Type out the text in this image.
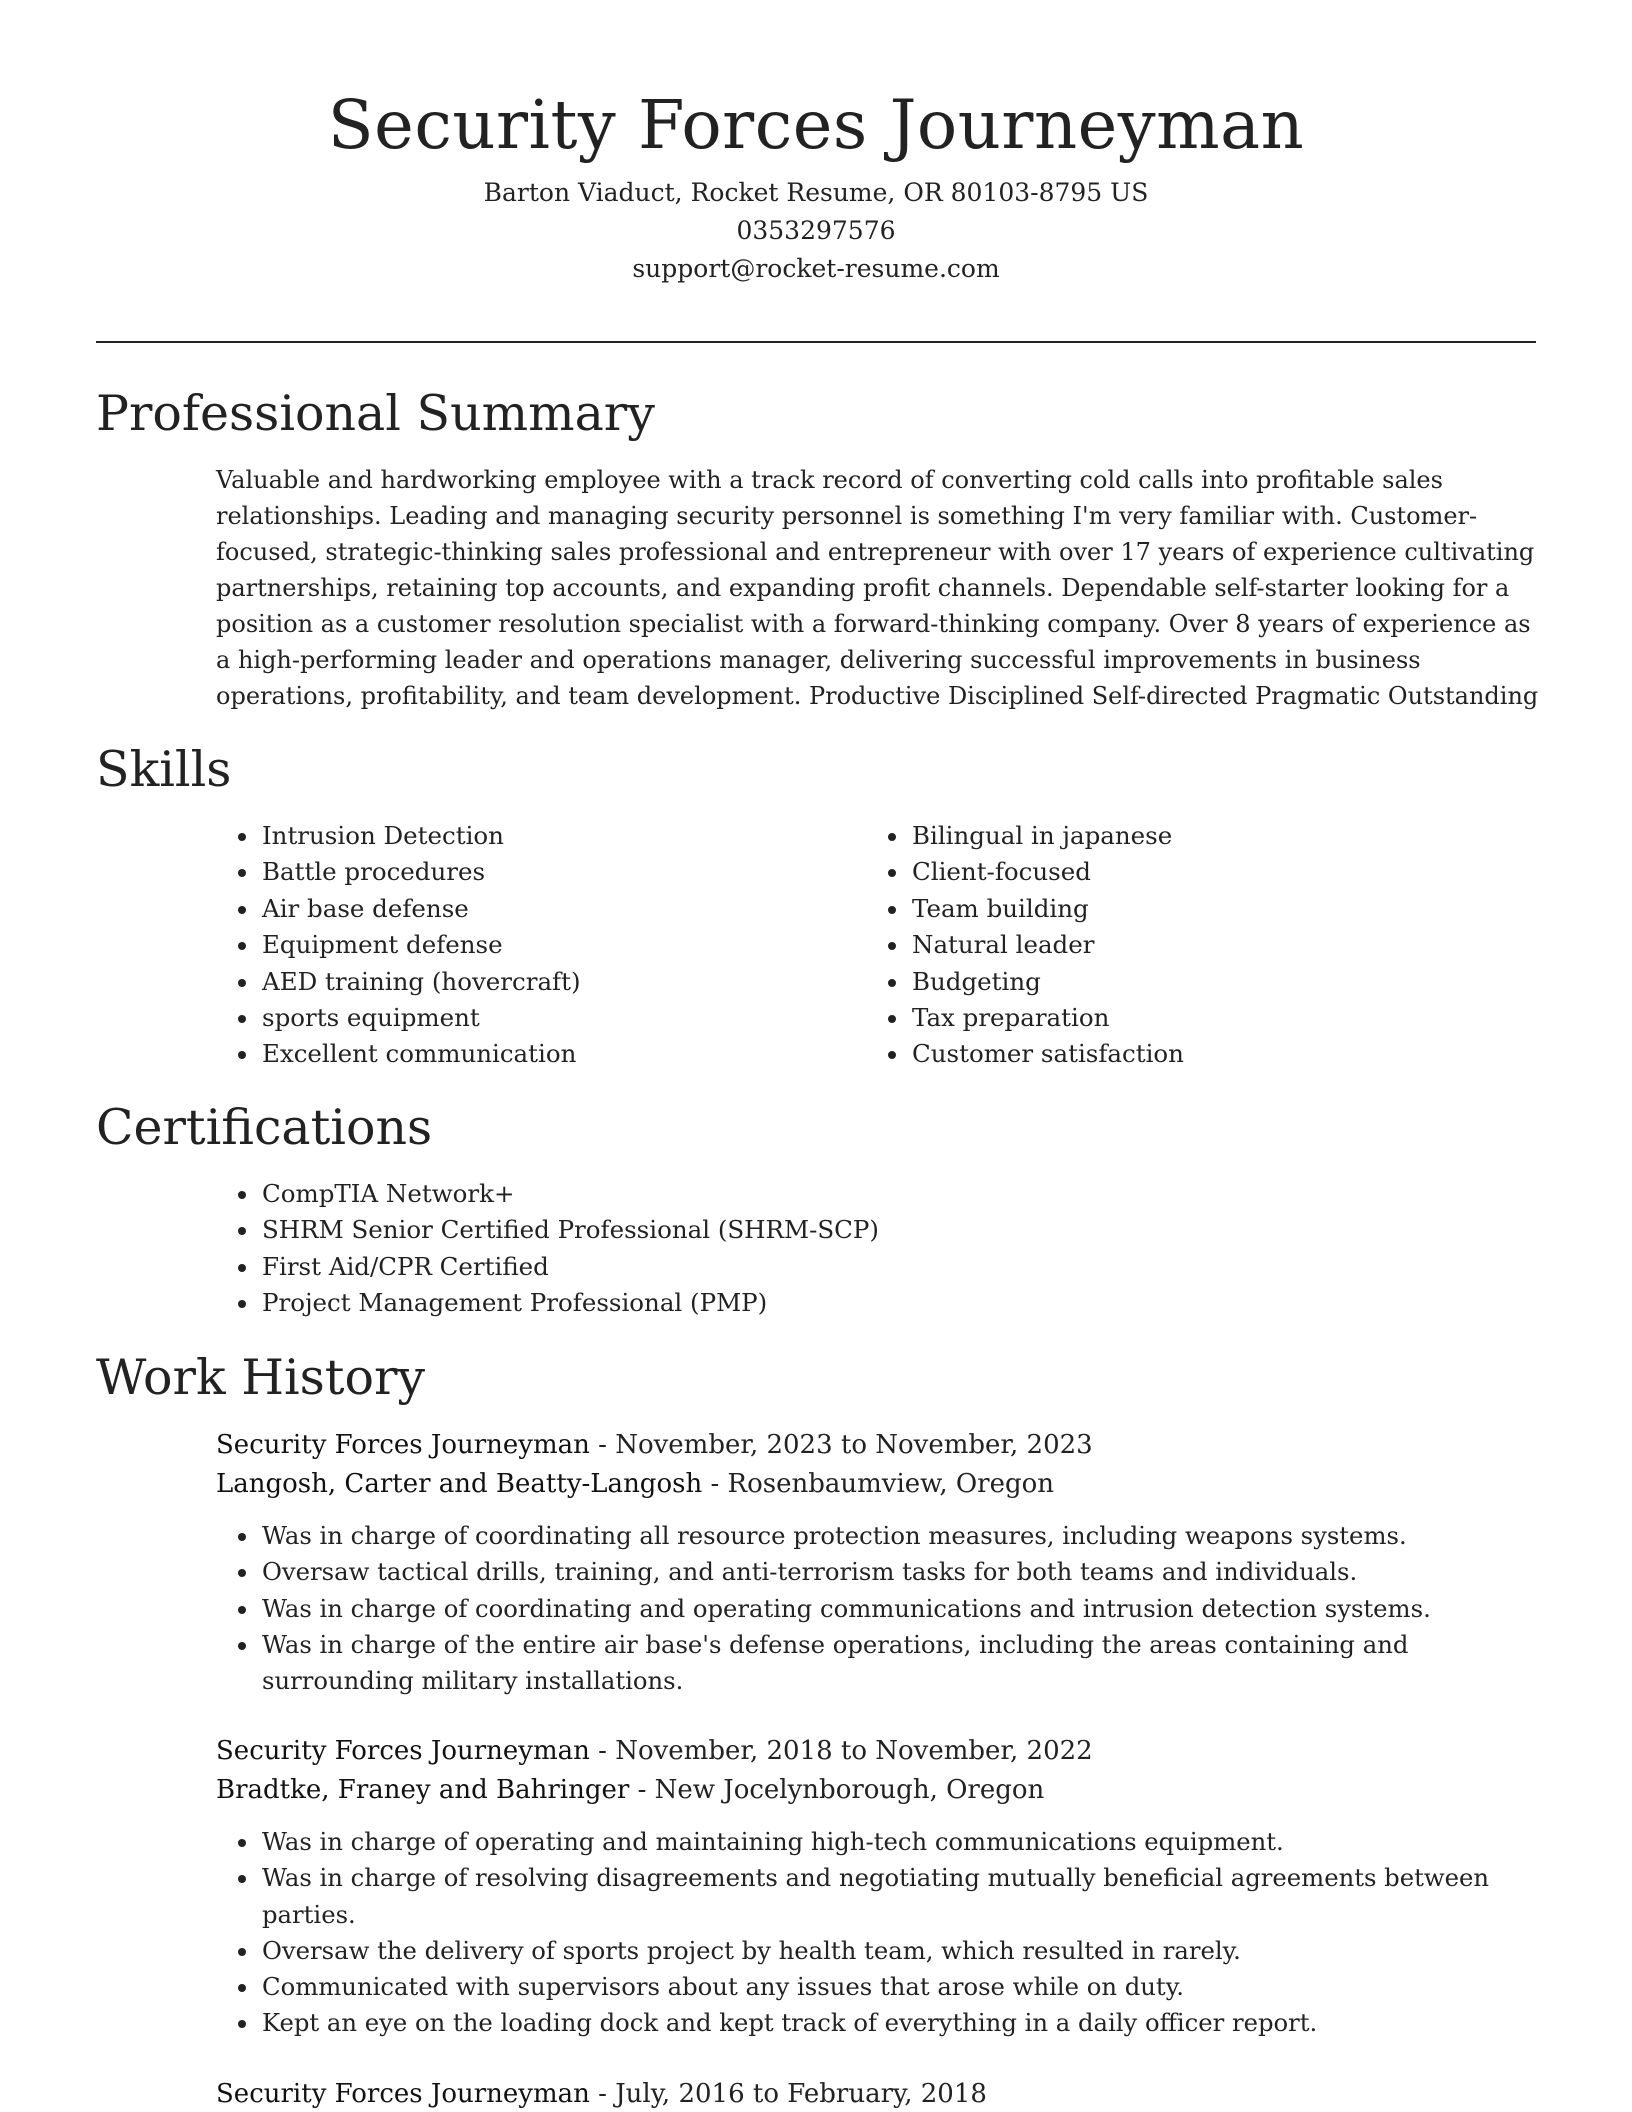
Security Forces Journeyman

Barton Viaduct, Rocket Resume, OR 80103-8795 US

0353297576

support@rocket-resume.com

Professional Summary

Valuable and hardworking employee with a track record of converting cold calls into profitable sales relationships. Leading and managing security personnel is something I'm very familiar with. Customer-focused, strategic-thinking sales professional and entrepreneur with over 17 years of experience cultivating partnerships, retaining top accounts, and expanding profit channels. Dependable self-starter looking for a position as a customer resolution specialist with a forward-thinking company. Over 8 years of experience as a high-performing leader and operations manager, delivering successful improvements in business operations, profitability, and team development. Productive Disciplined Self-directed Pragmatic Outstanding

Skills
• Intrusion Detection
• Battle procedures
• Air base defense
• Equipment defense
• AED training (hovercraft)
• sports equipment
• Excellent communication
• Bilingual in japanese
• Client-focused
• Team building
• Natural leader
• Budgeting
• Tax preparation
• Customer satisfaction
Certifications
• CompTIA Network+
• SHRM Senior Certified Professional (SHRM-SCP)
• First Aid/CPR Certified
• Project Management Professional (PMP)
Work History

Security Forces Journeyman - November, 2023 to November, 2023

Langosh, Carter and Beatty-Langosh - Rosenbaumview, Oregon

• Was in charge of coordinating all resource protection measures, including weapons systems.
• Oversaw tactical drills, training, and anti-terrorism tasks for both teams and individuals.
• Was in charge of coordinating and operating communications and intrusion detection systems.
• Was in charge of the entire air base's defense operations, including the areas containing and surrounding military installations.

Security Forces Journeyman - November, 2018 to November, 2022

Bradtke, Franey and Bahringer - New Jocelynborough, Oregon

• Was in charge of operating and maintaining high-tech communications equipment.
• Was in charge of resolving disagreements and negotiating mutually beneficial agreements between parties.
• Oversaw the delivery of sports project by health team, which resulted in rarely.
• Communicated with supervisors about any issues that arose while on duty.
• Kept an eye on the loading dock and kept track of everything in a daily officer report.

Security Forces Journeyman - July, 2016 to February, 2018
